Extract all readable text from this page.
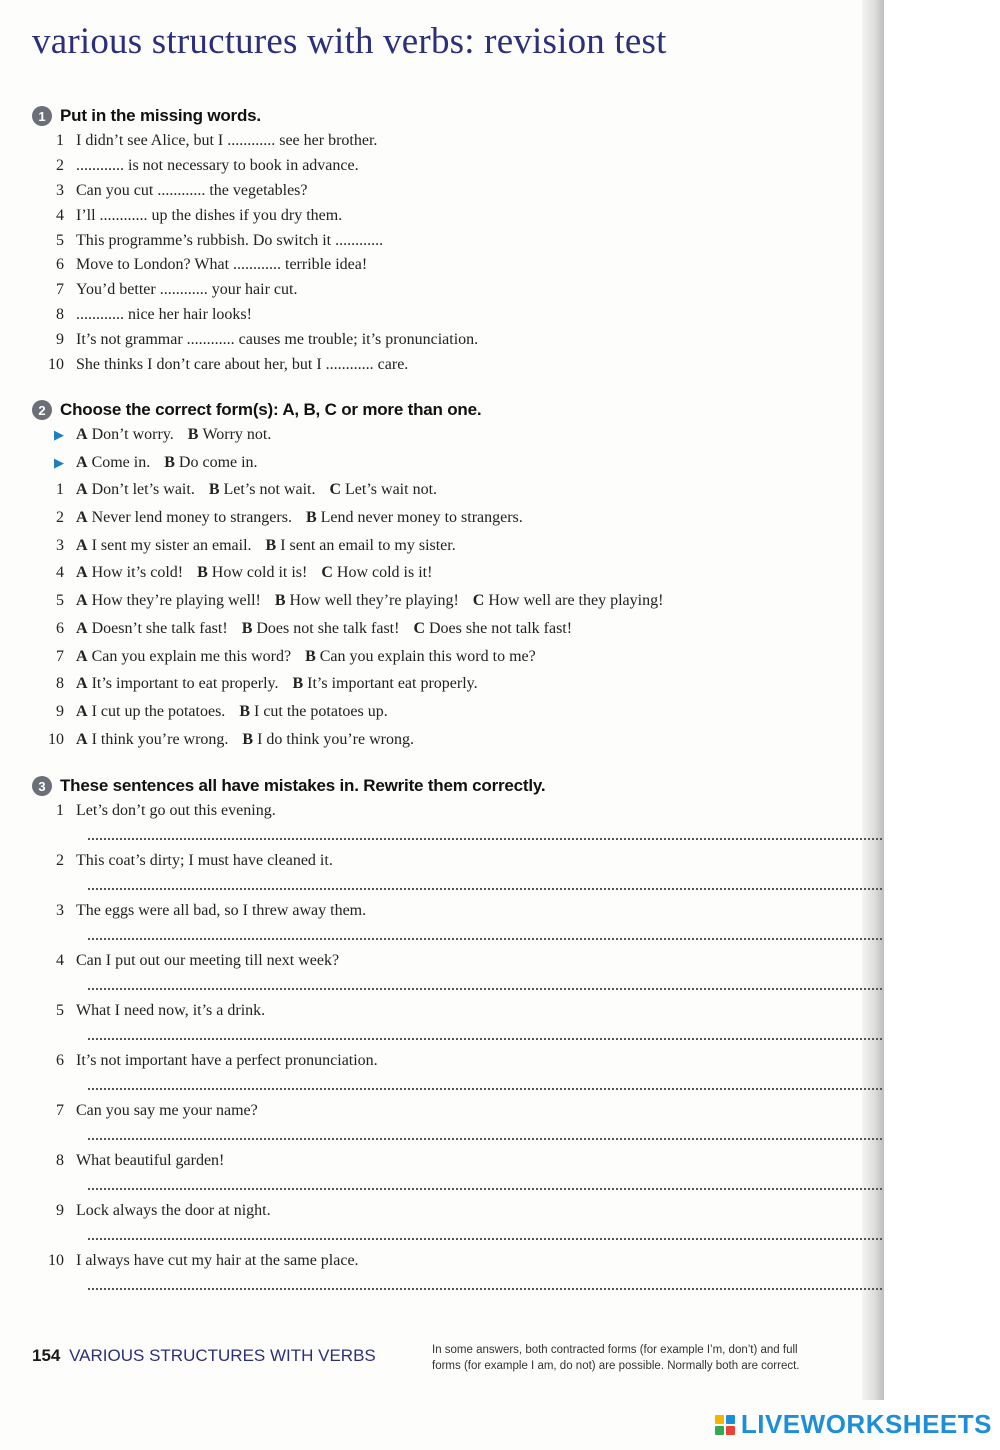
various structures with verbs: revision test
1 Put in the missing words.
1 I didn’t see Alice, but I ............ see her brother.
2 ............ is not necessary to book in advance.
3 Can you cut ............ the vegetables?
4 I’ll ............ up the dishes if you dry them.
5 This programme’s rubbish. Do switch it ............
6 Move to London? What ............ terrible idea!
7 You’d better ............ your hair cut.
8 ............ nice her hair looks!
9 It’s not grammar ............ causes me trouble; it’s pronunciation.
10 She thinks I don’t care about her, but I ............ care.
2 Choose the correct form(s): A, B, C or more than one.
▶ A Don’t worry. B Worry not.
▶ A Come in. B Do come in.
1 A Don’t let’s wait. B Let’s not wait. C Let’s wait not.
2 A Never lend money to strangers. B Lend never money to strangers.
3 A I sent my sister an email. B I sent an email to my sister.
4 A How it’s cold! B How cold it is! C How cold is it!
5 A How they’re playing well! B How well they’re playing! C How well are they playing!
6 A Doesn’t she talk fast! B Does not she talk fast! C Does she not talk fast!
7 A Can you explain me this word? B Can you explain this word to me?
8 A It’s important to eat properly. B It’s important eat properly.
9 A I cut up the potatoes. B I cut the potatoes up.
10 A I think you’re wrong. B I do think you’re wrong.
3 These sentences all have mistakes in. Rewrite them correctly.
1 Let’s don’t go out this evening.
2 This coat’s dirty; I must have cleaned it.
3 The eggs were all bad, so I threw away them.
4 Can I put out our meeting till next week?
5 What I need now, it’s a drink.
6 It’s not important have a perfect pronunciation.
7 Can you say me your name?
8 What beautiful garden!
9 Lock always the door at night.
10 I always have cut my hair at the same place.
154 VARIOUS STRUCTURES WITH VERBS	In some answers, both contracted forms (for example I’m, don’t) and full

forms (for example I am, do not) are possible. Normally both are correct.

LIVEWORKSHEETS
